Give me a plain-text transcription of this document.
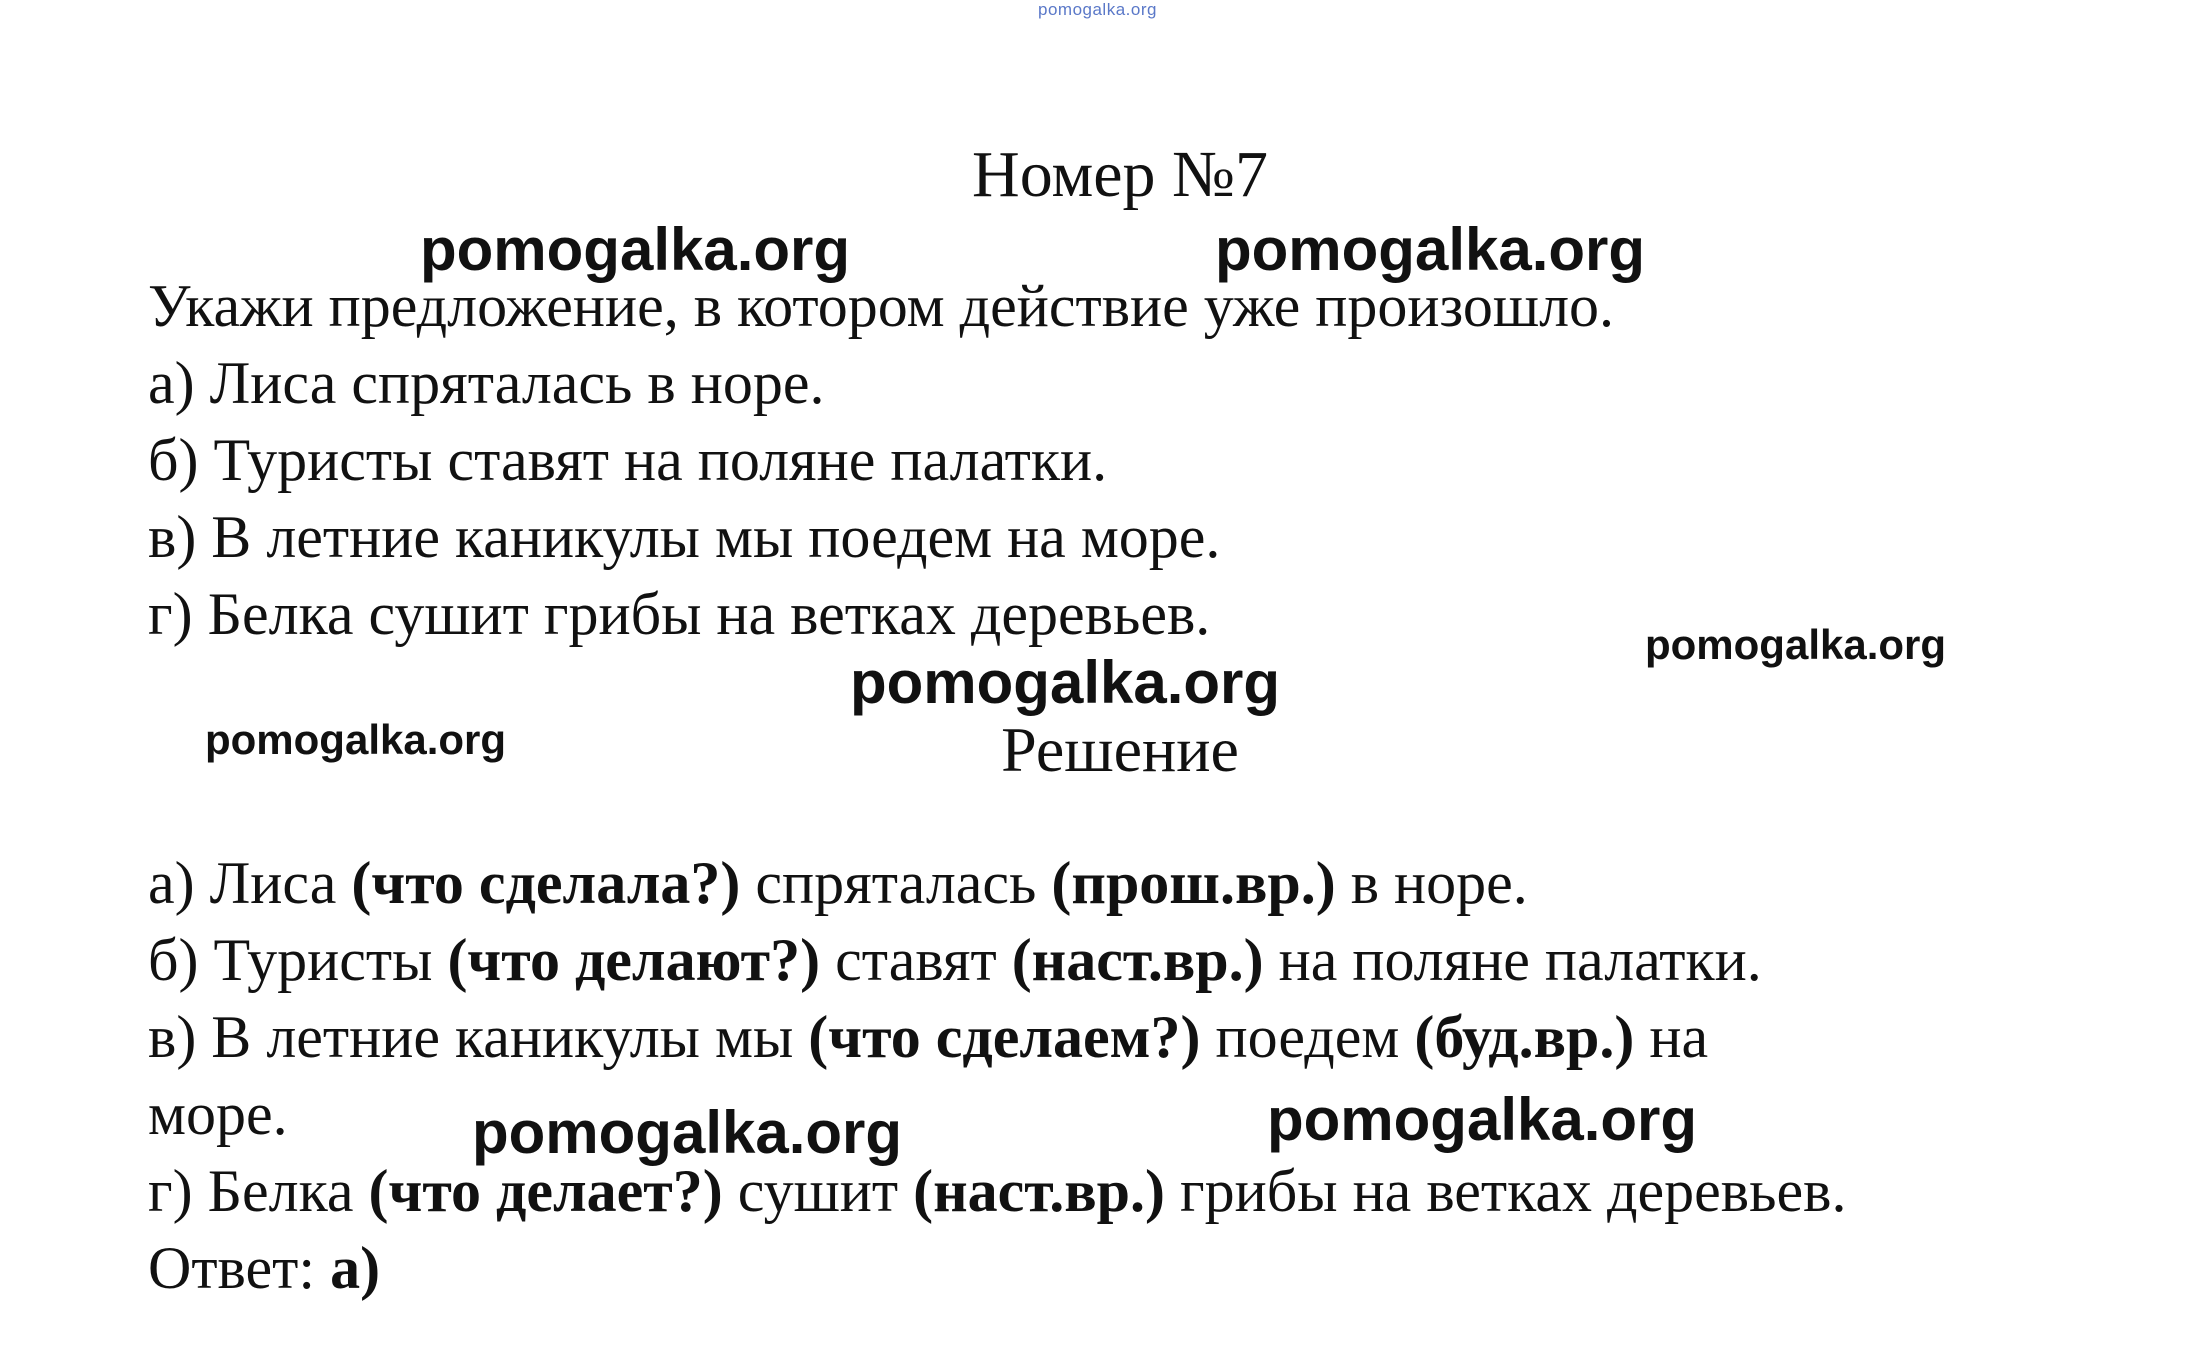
pomogalka.org
Номер №7
Укажи предложение, в котором действие уже произошло.
а) Лиса спряталась в норе.
б) Туристы ставят на поляне палатки.
в) В летние каникулы мы поедем на море.
г) Белка сушит грибы на ветках деревьев.
Решение
а) Лиса (что сделала?) спряталась (прош.вр.) в норе.
б) Туристы (что делают?) ставят (наст.вр.) на поляне палатки.
в) В летние каникулы мы (что сделаем?) поедем (буд.вр.) на
море.
г) Белка (что делает?) сушит (наст.вр.) грибы на ветках деревьев.
Ответ: а)
pomogalka.org	pomogalka.org
pomogalka.org
pomogalka.org
pomogalka.org
pomogalka.org
pomogalka.org
